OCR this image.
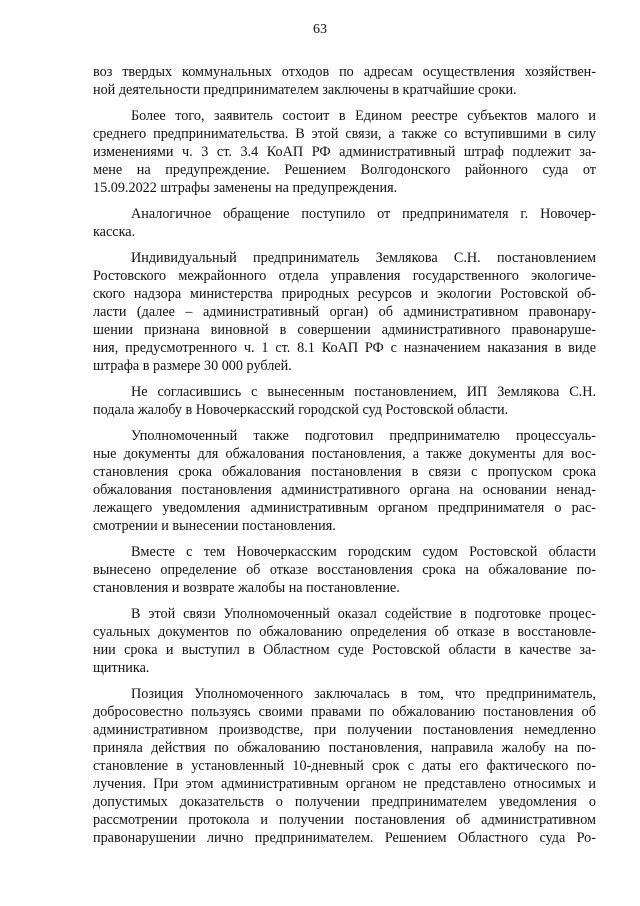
63
воз твердых коммунальных отходов по адресам осуществления хозяйствен-
ной деятельности предпринимателем заключены в кратчайшие сроки.
Более того, заявитель состоит в Едином реестре субъектов малого и
среднего предпринимательства. В этой связи, а также со вступившими в силу
изменениями ч. 3 ст. 3.4 КоАП РФ административный штраф подлежит за-
мене на предупреждение. Решением Волгодонского районного суда от
15.09.2022 штрафы заменены на предупреждения.
Аналогичное обращение поступило от предпринимателя г. Новочер-
касска.
Индивидуальный предприниматель Землякова С.Н. постановлением
Ростовского межрайонного отдела управления государственного экологиче-
ского надзора министерства природных ресурсов и экологии Ростовской об-
ласти (далее – административный орган) об административном правонару-
шении признана виновной в совершении административного правонаруше-
ния, предусмотренного ч. 1 ст. 8.1 КоАП РФ с назначением наказания в виде
штрафа в размере 30 000 рублей.
Не согласившись с вынесенным постановлением, ИП Землякова С.Н.
подала жалобу в Новочеркасский городской суд Ростовской области.
Уполномоченный также подготовил предпринимателю процессуаль-
ные документы для обжалования постановления, а также документы для вос-
становления срока обжалования постановления в связи с пропуском срока
обжалования постановления административного органа на основании ненад-
лежащего уведомления административным органом предпринимателя о рас-
смотрении и вынесении постановления.
Вместе с тем Новочеркасским городским судом Ростовской области
вынесено определение об отказе восстановления срока на обжалование по-
становления и возврате жалобы на постановление.
В этой связи Уполномоченный оказал содействие в подготовке процес-
суальных документов по обжалованию определения об отказе в восстановле-
нии срока и выступил в Областном суде Ростовской области в качестве за-
щитника.
Позиция Уполномоченного заключалась в том, что предприниматель,
добросовестно пользуясь своими правами по обжалованию постановления об
административном производстве, при получении постановления немедленно
приняла действия по обжалованию постановления, направила жалобу на по-
становление в установленный 10-дневный срок с даты его фактического по-
лучения. При этом административным органом не представлено относимых и
допустимых доказательств о получении предпринимателем уведомления о
рассмотрении протокола и получении постановления об административном
правонарушении лично предпринимателем. Решением Областного суда Ро-
